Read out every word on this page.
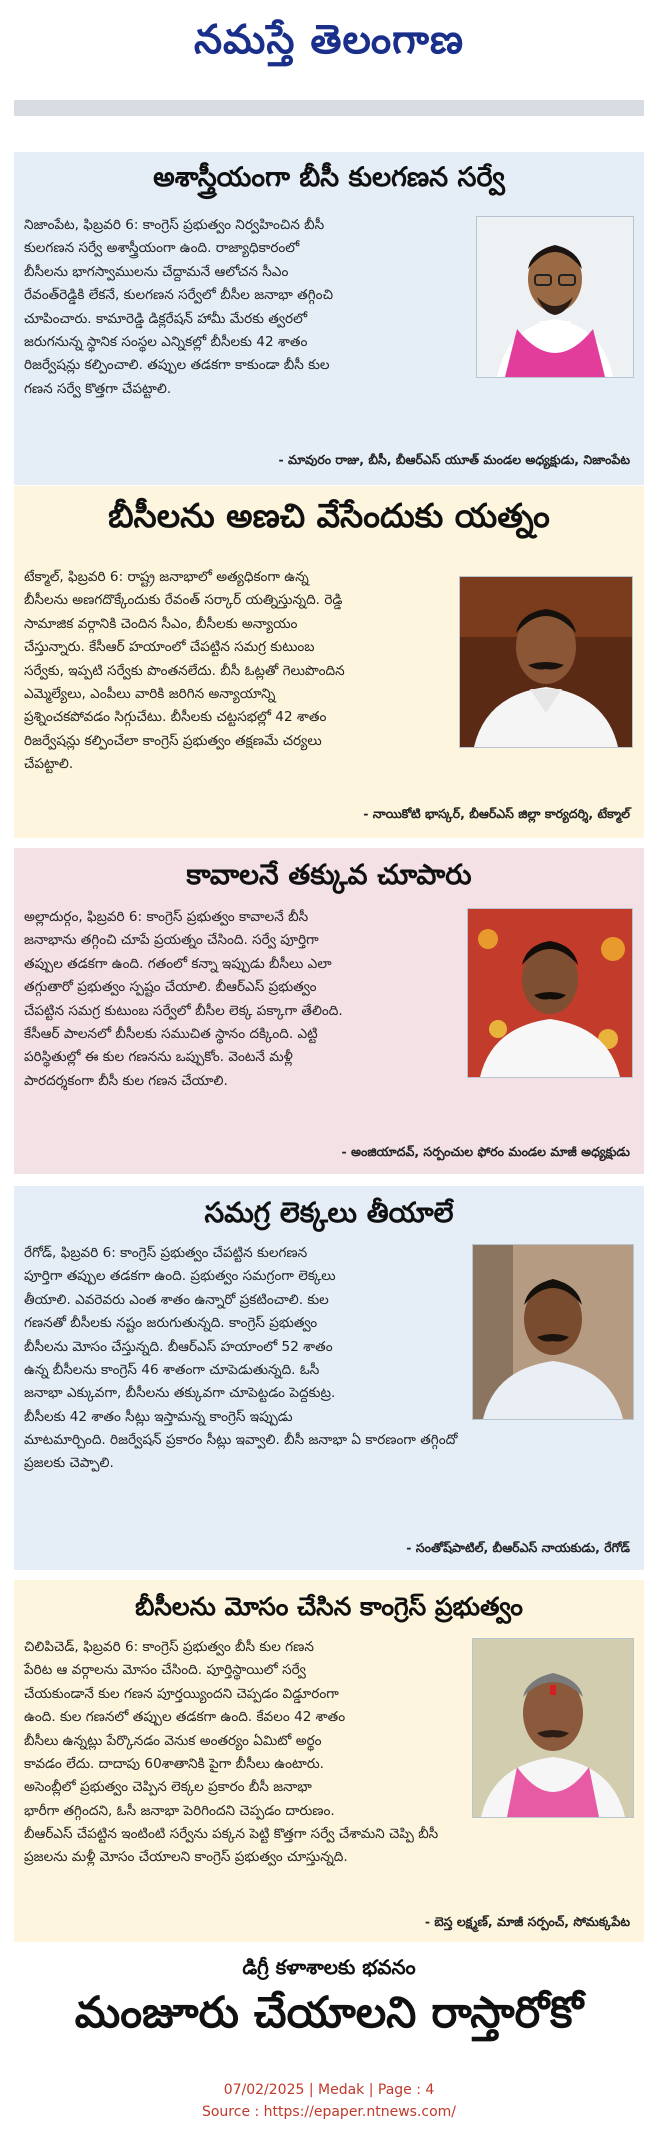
నమస్తే తెలంగాణ
అశాస్త్రీయంగా బీసీ కులగణన సర్వే
నిజాంపేట, ఫిబ్రవరి 6: కాంగ్రెస్ ప్రభుత్వం నిర్వహించిన బీసీ
కులగణన సర్వే అశాస్త్రీయంగా ఉంది. రాజ్యాధికారంలో
బీసీలను భాగస్వాములను చేద్దామనే ఆలోచన సీఎం
రేవంత్‌రెడ్డికి లేకనే, కులగణన సర్వేలో బీసీల జనాభా తగ్గించి
చూపించారు. కామారెడ్డి డిక్లరేషన్ హామీ మేరకు త్వరలో
జరుగనున్న స్థానిక సంస్థల ఎన్నికల్లో బీసీలకు 42 శాతం
రిజర్వేషన్లు కల్పించాలి. తప్పుల తడకగా కాకుండా బీసీ కుల
గణన సర్వే కొత్తగా చేపట్టాలి.
- మావురం రాజు, బీసీ, బీఆర్ఎస్ యూత్ మండల అధ్యక్షుడు, నిజాంపేట
బీసీలను అణచి వేసేందుకు యత్నం
టేక్మాల్, ఫిబ్రవరి 6: రాష్ట్ర జనాభాలో అత్యధికంగా ఉన్న
బీసీలను అణగదొక్కేందుకు రేవంత్ సర్కార్ యత్నిస్తున్నది. రెడ్డి
సామాజిక వర్గానికి చెందిన సీఎం, బీసీలకు అన్యాయం
చేస్తున్నారు. కేసీఆర్ హయాంలో చేపట్టిన సమగ్ర కుటుంబ
సర్వేకు, ఇప్పటి సర్వేకు పొంతనలేదు. బీసీ ఓట్లతో గెలుపొందిన
ఎమ్మెల్యేలు, ఎంపీలు వారికి జరిగిన అన్యాయాన్ని
ప్రశ్నించకపోవడం సిగ్గుచేటు. బీసీలకు చట్టసభల్లో 42 శాతం
రిజర్వేషన్లు కల్పించేలా కాంగ్రెస్ ప్రభుత్వం తక్షణమే చర్యలు
చేపట్టాలి.
- నాయికోటి భాస్కర్, బీఆర్ఎస్ జిల్లా కార్యదర్శి, టేక్మాల్
కావాలనే తక్కువ చూపారు
అల్లాదుర్గం, ఫిబ్రవరి 6: కాంగ్రెస్ ప్రభుత్వం కావాలనే బీసీ
జనాభాను తగ్గించి చూపే ప్రయత్నం చేసింది. సర్వే పూర్తిగా
తప్పుల తడకగా ఉంది. గతంలో కన్నా ఇప్పుడు బీసీలు ఎలా
తగ్గుతారో ప్రభుత్వం స్పష్టం చేయాలి. బీఆర్ఎస్ ప్రభుత్వం
చేపట్టిన సమగ్ర కుటుంబ సర్వేలో బీసీల లెక్క పక్కాగా తేలింది.
కేసీఆర్ పాలనలో బీసీలకు సముచిత స్థానం దక్కింది. ఎట్టి
పరిస్థితుల్లో ఈ కుల గణనను ఒప్పుకోం. వెంటనే మళ్లీ
పారదర్శకంగా బీసీ కుల గణన చేయాలి.
- అంజియాదవ్, సర్పంచుల ఫోరం మండల మాజీ అధ్యక్షుడు
సమగ్ర లెక్కలు తీయాలే
రేగోడ్, ఫిబ్రవరి 6: కాంగ్రెస్ ప్రభుత్వం చేపట్టిన కులగణన
పూర్తిగా తప్పుల తడకగా ఉంది. ప్రభుత్వం సమగ్రంగా లెక్కలు
తీయాలి. ఎవరెవరు ఎంత శాతం ఉన్నారో ప్రకటించాలి. కుల
గణనతో బీసీలకు నష్టం జరుగుతున్నది. కాంగ్రెస్ ప్రభుత్వం
బీసీలను మోసం చేస్తున్నది. బీఆర్ఎస్ హయాంలో 52 శాతం
ఉన్న బీసీలను కాంగ్రెస్ 46 శాతంగా చూపెడుతున్నది. ఓసీ
జనాభా ఎక్కువగా, బీసీలను తక్కువగా చూపెట్టడం పెద్దకుట్ర.
బీసీలకు 42 శాతం సీట్లు ఇస్తామన్న కాంగ్రెస్ ఇప్పుడు
మాటమార్చింది. రిజర్వేషన్ ప్రకారం సీట్లు ఇవ్వాలి. బీసీ జనాభా ఏ కారణంగా తగ్గిందో
ప్రజలకు చెప్పాలి.
- సంతోష్‌పాటిల్, బీఆర్ఎస్ నాయకుడు, రేగోడ్
బీసీలను మోసం చేసిన కాంగ్రెస్ ప్రభుత్వం
చిలిపిచెడ్, ఫిబ్రవరి 6: కాంగ్రెస్ ప్రభుత్వం బీసీ కుల గణన
పేరిట ఆ వర్గాలను మోసం చేసింది. పూర్తిస్థాయిలో సర్వే
చేయకుండానే కుల గణన పూర్తయ్యిందని చెప్పడం విడ్డూరంగా
ఉంది. కుల గణనలో తప్పుల తడకగా ఉంది. కేవలం 42 శాతం
బీసీలు ఉన్నట్లు పేర్కొనడం వెనుక అంతర్యం ఏమిటో అర్థం
కావడం లేదు. దాదాపు 60శాతానికి పైగా బీసీలు ఉంటారు.
అసెంబ్లీలో ప్రభుత్వం చెప్పిన లెక్కల ప్రకారం బీసీ జనాభా
భారీగా తగ్గిందని, ఓసీ జనాభా పెరిగిందని చెప్పడం దారుణం.
బీఆర్ఎస్ చేపట్టిన ఇంటింటి సర్వేను పక్కన పెట్టి కొత్తగా సర్వే చేశామని చెప్పి బీసీ
ప్రజలను మళ్లీ మోసం చేయాలని కాంగ్రెస్ ప్రభుత్వం చూస్తున్నది.
- బెస్త లక్ష్మణ్, మాజీ సర్పంచ్, సోమక్కపేట
డిగ్రీ కళాశాలకు భవనం
మంజూరు చేయాలని రాస్తారోకో
07/02/2025 | Medak | Page : 4
Source : https://epaper.ntnews.com/
